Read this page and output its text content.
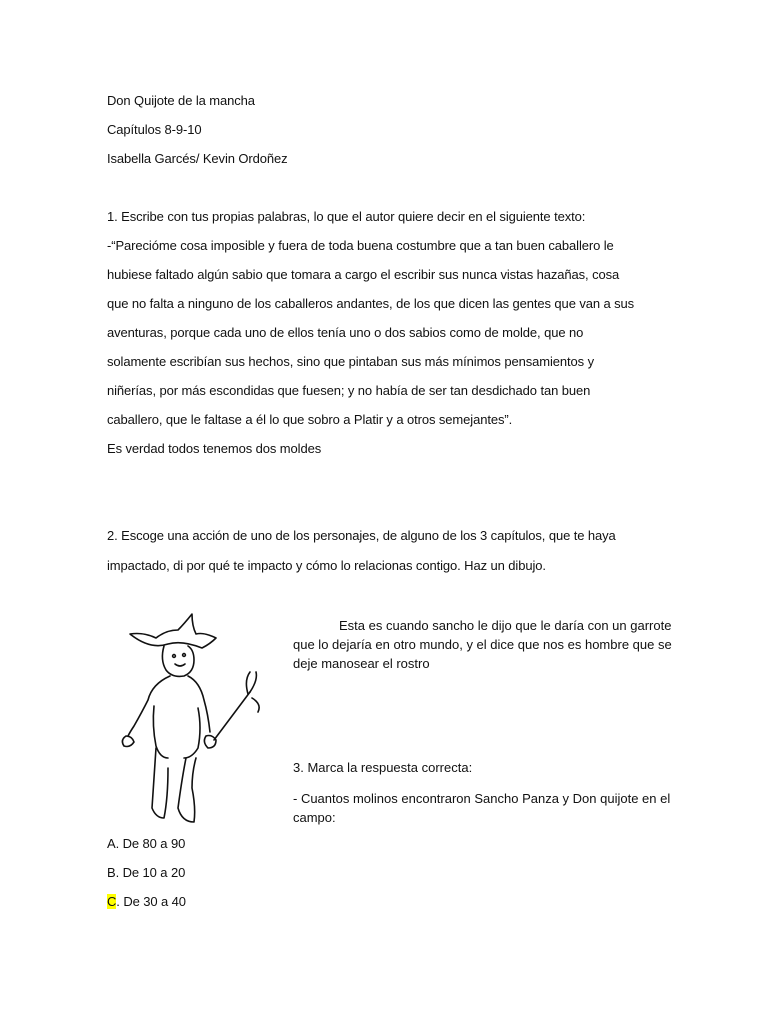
Don Quijote de la mancha
Capítulos 8-9-10
Isabella Garcés/ Kevin Ordoñez
1. Escribe con tus propias palabras, lo que el autor quiere decir en el siguiente texto:
-“Parecióme cosa imposible y fuera de toda buena costumbre que a tan buen caballero le
hubiese faltado algún sabio que tomara a cargo el escribir sus nunca vistas hazañas, cosa
que no falta a ninguno de los caballeros andantes, de los que dicen las gentes que van a sus
aventuras, porque cada uno de ellos tenía uno o dos sabios como de molde, que no
solamente escribían sus hechos, sino que pintaban sus más mínimos pensamientos y
niñerías, por más escondidas que fuesen; y no había de ser tan desdichado tan buen
caballero, que le faltase a él lo que sobro a Platir y a otros semejantes”.
Es verdad todos tenemos dos moldes
2. Escoge una acción de uno de los personajes, de alguno de los 3 capítulos, que te haya
impactado, di por qué te impacto y cómo lo relacionas contigo. Haz un dibujo.
Esta es cuando sancho le dijo que le daría con un garrote que lo dejaría en otro mundo, y el dice que nos es hombre que se deje manosear el rostro
3. Marca la respuesta correcta:
- Cuantos molinos encontraron Sancho Panza y Don quijote en el campo:
A. De 80 a 90
B. De 10 a 20
C. De 30 a 40
